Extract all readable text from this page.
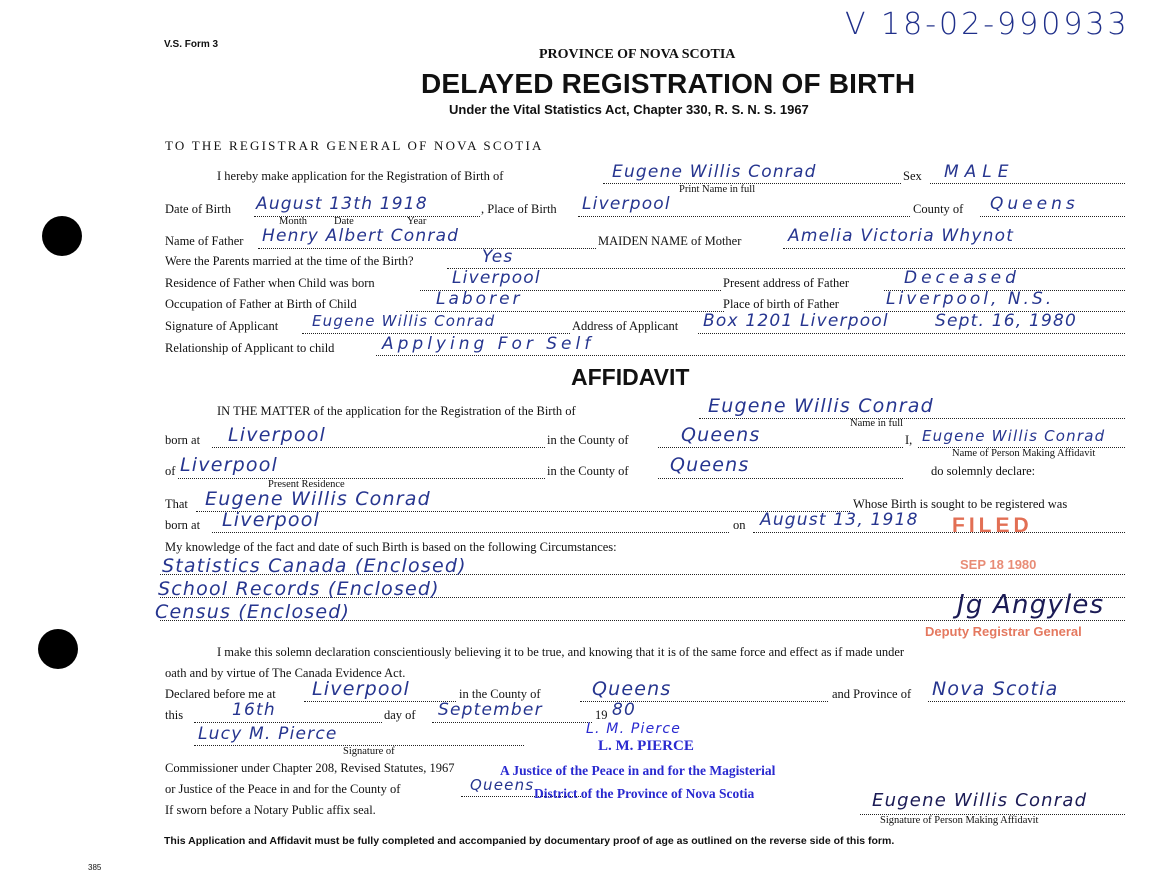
V.S. Form 3
V 18-02-990933
PROVINCE OF NOVA SCOTIA
DELAYED REGISTRATION OF BIRTH
Under the Vital Statistics Act, Chapter 330, R. S. N. S. 1967
TO THE REGISTRAR GENERAL OF NOVA SCOTIA
I hereby make application for the Registration of Birth of	Eugene Willis Conrad
Print Name in full
Sex MALE
Date of Birth August 13th 1918
Month	Date	Year
, Place of Birth Liverpool	County of Queens
Name of Father Henry Albert Conrad	MAIDEN NAME of Mother	Amelia Victoria Whynot
Were the Parents married at the time of the Birth?	Yes
Residence of Father when Child was born	Liverpool	Present address of Father	Deceased
Occupation of Father at Birth of Child	Laborer	Place of birth of Father	Liverpool, N.S.
Signature of Applicant Eugene Willis Conrad	Address of Applicant Box 1201 Liverpool	Sept. 16, 1980
Relationship of Applicant to child	Applying For Self
AFFIDAVIT
IN THE MATTER of the application for the Registration of the Birth of	Eugene Willis Conrad
Name in full
born at Liverpool	in the County of	Queens	I, Eugene Willis Conrad
Name of Person Making Affidavit
of Liverpool
Present Residence
in the County of Queens	do solemnly declare:
That Eugene Willis Conrad	Whose Birth is sought to be registered was
born at Liverpool	on August 13, 1918
My knowledge of the fact and date of such Birth is based on the following Circumstances:
Statistics Canada (Enclosed)
School Records (Enclosed)
Census (Enclosed)
FILED
SEP 18 1980
Jg Angyles
Deputy Registrar General
I make this solemn declaration conscientiously believing it to be true, and knowing that it is of the same force and effect as if made under
oath and by virtue of The Canada Evidence Act.
Declared before me at Liverpool	in the County of	Queens	and Province of Nova Scotia
this	16th	day of September	19 80
Lucy M. Pierce
Signature of
L. M. Pierce
L. M. PIERCE
Commissioner under Chapter 208, Revised Statutes, 1967	A Justice of the Peace in and for the Magisterial
or Justice of the Peace in and for the County of	Queens District of the Province of Nova Scotia
If sworn before a Notary Public affix seal.	Eugene Willis Conrad
Signature of Person Making Affidavit
This Application and Affidavit must be fully completed and accompanied by documentary proof of age as outlined on the reverse side of this form.
385
